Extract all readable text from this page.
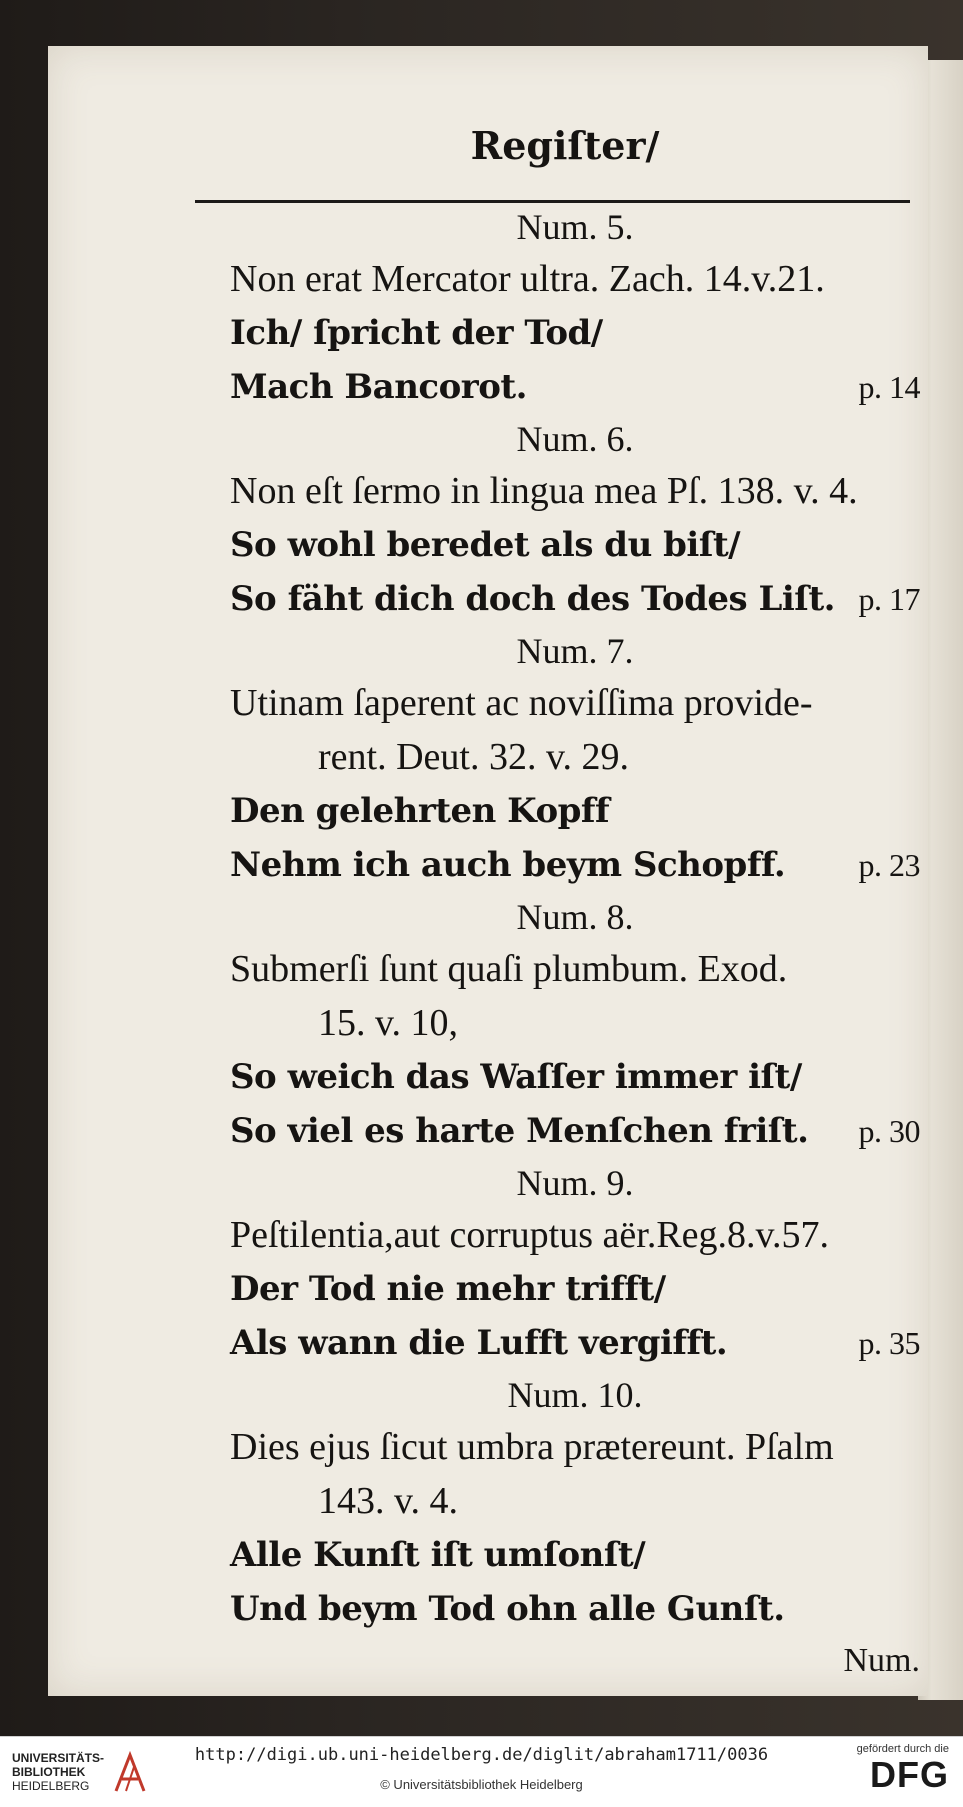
Regiſter/
Num. 5.
Non erat Mercator ultra. Zach. 14.v.21.
Ich/ ſpricht der Tod/
Mach Bancorot.	p. 14
Num. 6.
Non eſt ſermo in lingua mea Pſ. 138. v. 4.
So wohl beredet als du biſt/
So fäht dich doch des Todes Liſt. p. 17
Num. 7.
Utinam ſaperent ac noviſſima provide-
rent. Deut. 32. v. 29.
Den gelehrten Kopff
Nehm ich auch beym Schopff. p. 23
Num. 8.
Submerſi ſunt quaſi plumbum. Exod.
15. v. 10,
So weich das Waſſer immer iſt/
So viel es harte Menſchen friſt. p. 30
Num. 9.
Peſtilentia,aut corruptus aër.Reg.8.v.57.
Der Tod nie mehr trifft/
Als wann die Lufft vergifft.	p. 35
Num. 10.
Dies ejus ſicut umbra prætereunt. Pſalm
143. v. 4.
Alle Kunſt iſt umſonſt/
Und beym Tod ohn alle Gunſt.
Num.
UNIVERSITÄTS-
BIBLIOTHEK
HEIDELBERG
http://digi.ub.uni-heidelberg.de/diglit/abraham1711/0036
© Universitätsbibliothek Heidelberg
gefördert durch die
DFG
